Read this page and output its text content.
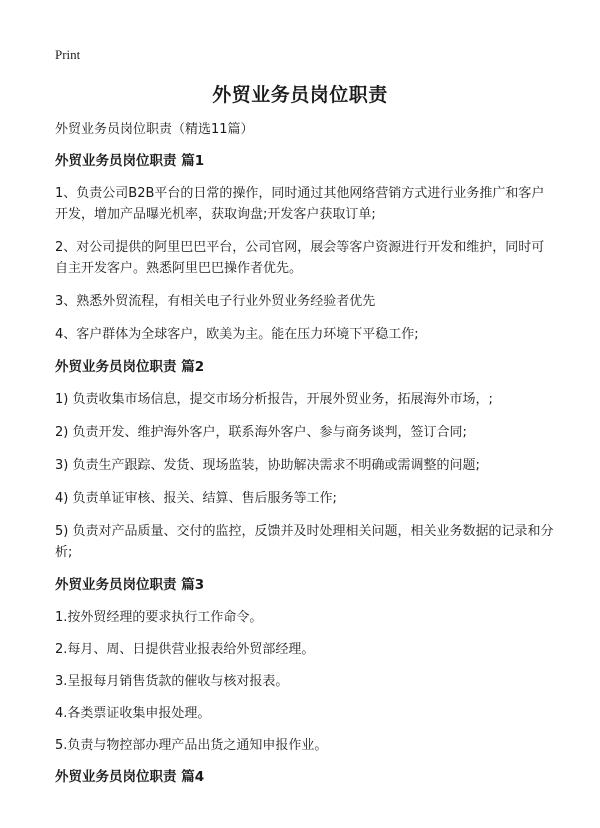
Print
外贸业务员岗位职责

外贸业务员岗位职责（精选11篇）

外贸业务员岗位职责 篇1

1、负责公司B2B平台的日常的操作，同时通过其他网络营销方式进行业务推广和客户开发，增加产品曝光机率，获取询盘;开发客户获取订单;

2、对公司提供的阿里巴巴平台，公司官网，展会等客户资源进行开发和维护，同时可自主开发客户。熟悉阿里巴巴操作者优先。

3、熟悉外贸流程，有相关电子行业外贸业务经验者优先

4、客户群体为全球客户，欧美为主。能在压力环境下平稳工作;

外贸业务员岗位职责 篇2

1) 负责收集市场信息，提交市场分析报告，开展外贸业务，拓展海外市场，;

2) 负责开发、维护海外客户，联系海外客户、参与商务谈判，签订合同;

3) 负责生产跟踪、发货、现场监装，协助解决需求不明确或需调整的问题;

4) 负责单证审核、报关、结算、售后服务等工作;

5) 负责对产品质量、交付的监控，反馈并及时处理相关问题，相关业务数据的记录和分析;

外贸业务员岗位职责 篇3

1.按外贸经理的要求执行工作命令。

2.每月、周、日提供营业报表给外贸部经理。

3.呈报每月销售货款的催收与核对报表。

4.各类票证收集申报处理。

5.负责与物控部办理产品出货之通知申报作业。

外贸业务员岗位职责 篇4
